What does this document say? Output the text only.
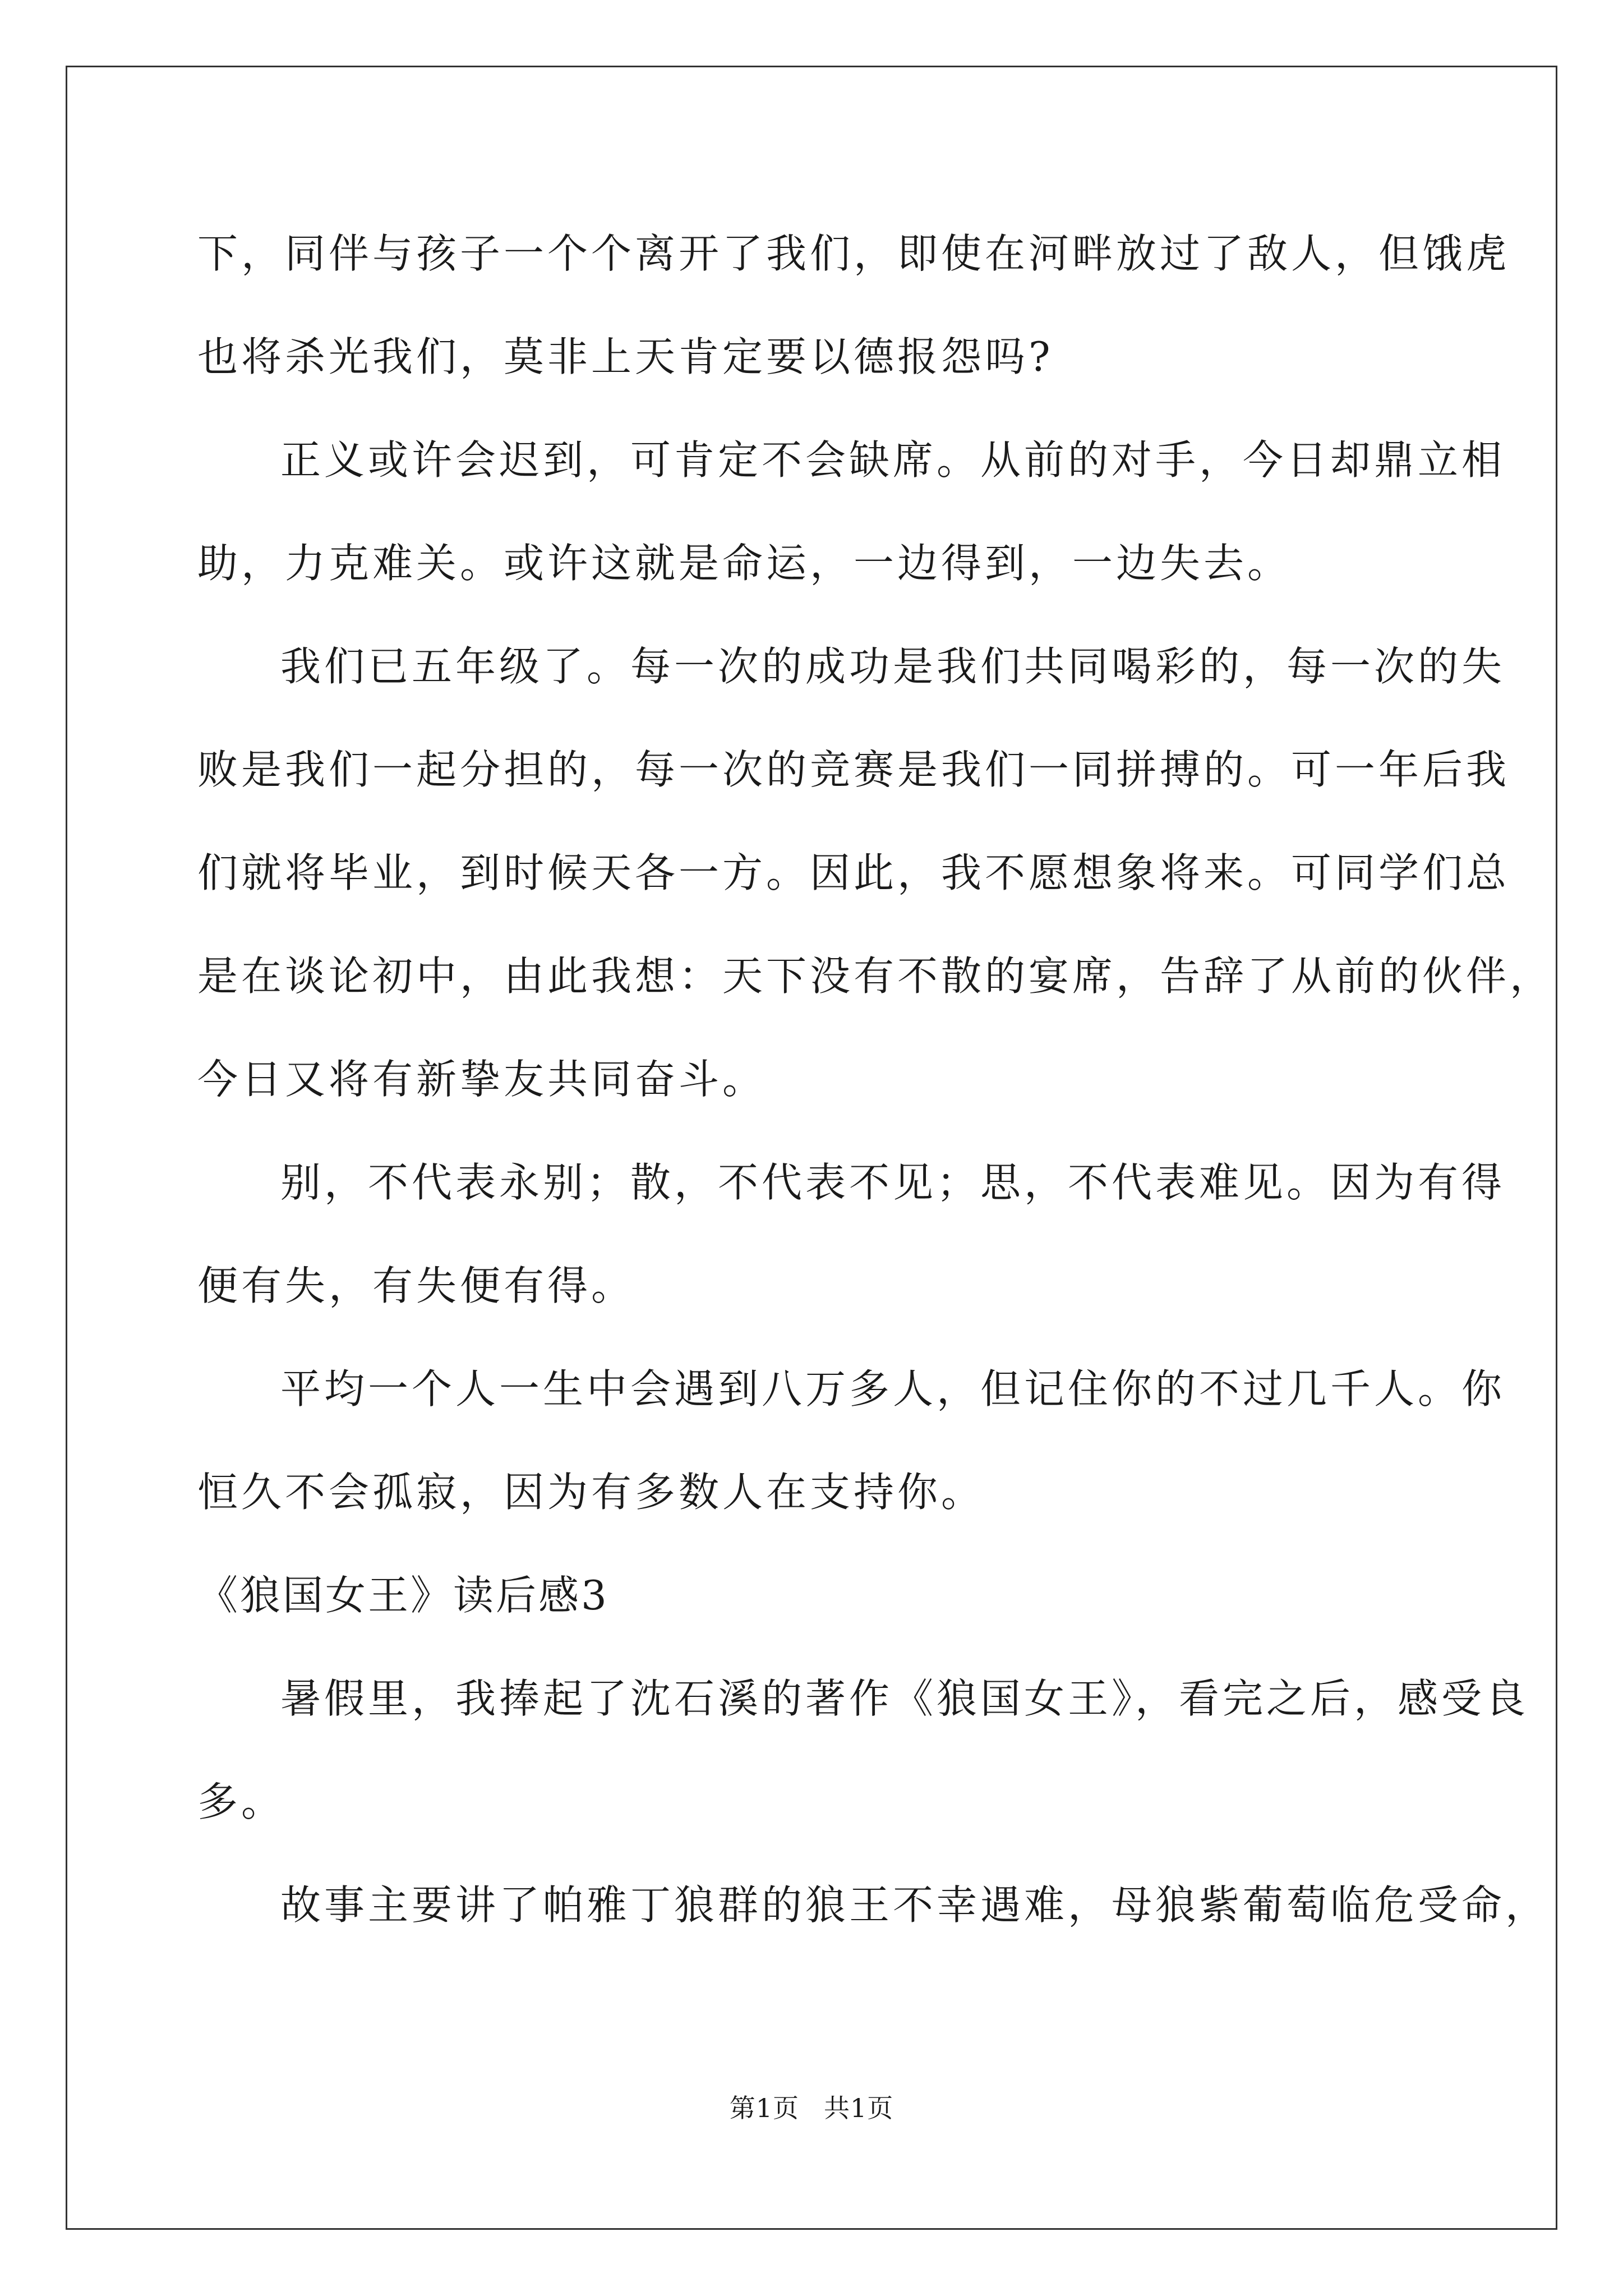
下，同伴与孩子一个个离开了我们，即使在河畔放过了敌人，但饿虎
也将杀光我们，莫非上天肯定要以德报怨吗?
正义或许会迟到，可肯定不会缺席。从前的对手，今日却鼎立相
助，力克难关。或许这就是命运，一边得到，一边失去。
我们已五年级了。每一次的成功是我们共同喝彩的，每一次的失
败是我们一起分担的，每一次的竞赛是我们一同拼搏的。可一年后我
们就将毕业，到时候天各一方。因此，我不愿想象将来。可同学们总
是在谈论初中，由此我想：天下没有不散的宴席，告辞了从前的伙伴，
今日又将有新挚友共同奋斗。
别，不代表永别；散，不代表不见；思，不代表难见。因为有得
便有失，有失便有得。
平均一个人一生中会遇到八万多人，但记住你的不过几千人。你
恒久不会孤寂，因为有多数人在支持你。
《狼国女王》读后感3
暑假里，我捧起了沈石溪的著作《狼国女王》，看完之后，感受良
多。
故事主要讲了帕雅丁狼群的狼王不幸遇难，母狼紫葡萄临危受命，
第1页 共1页
